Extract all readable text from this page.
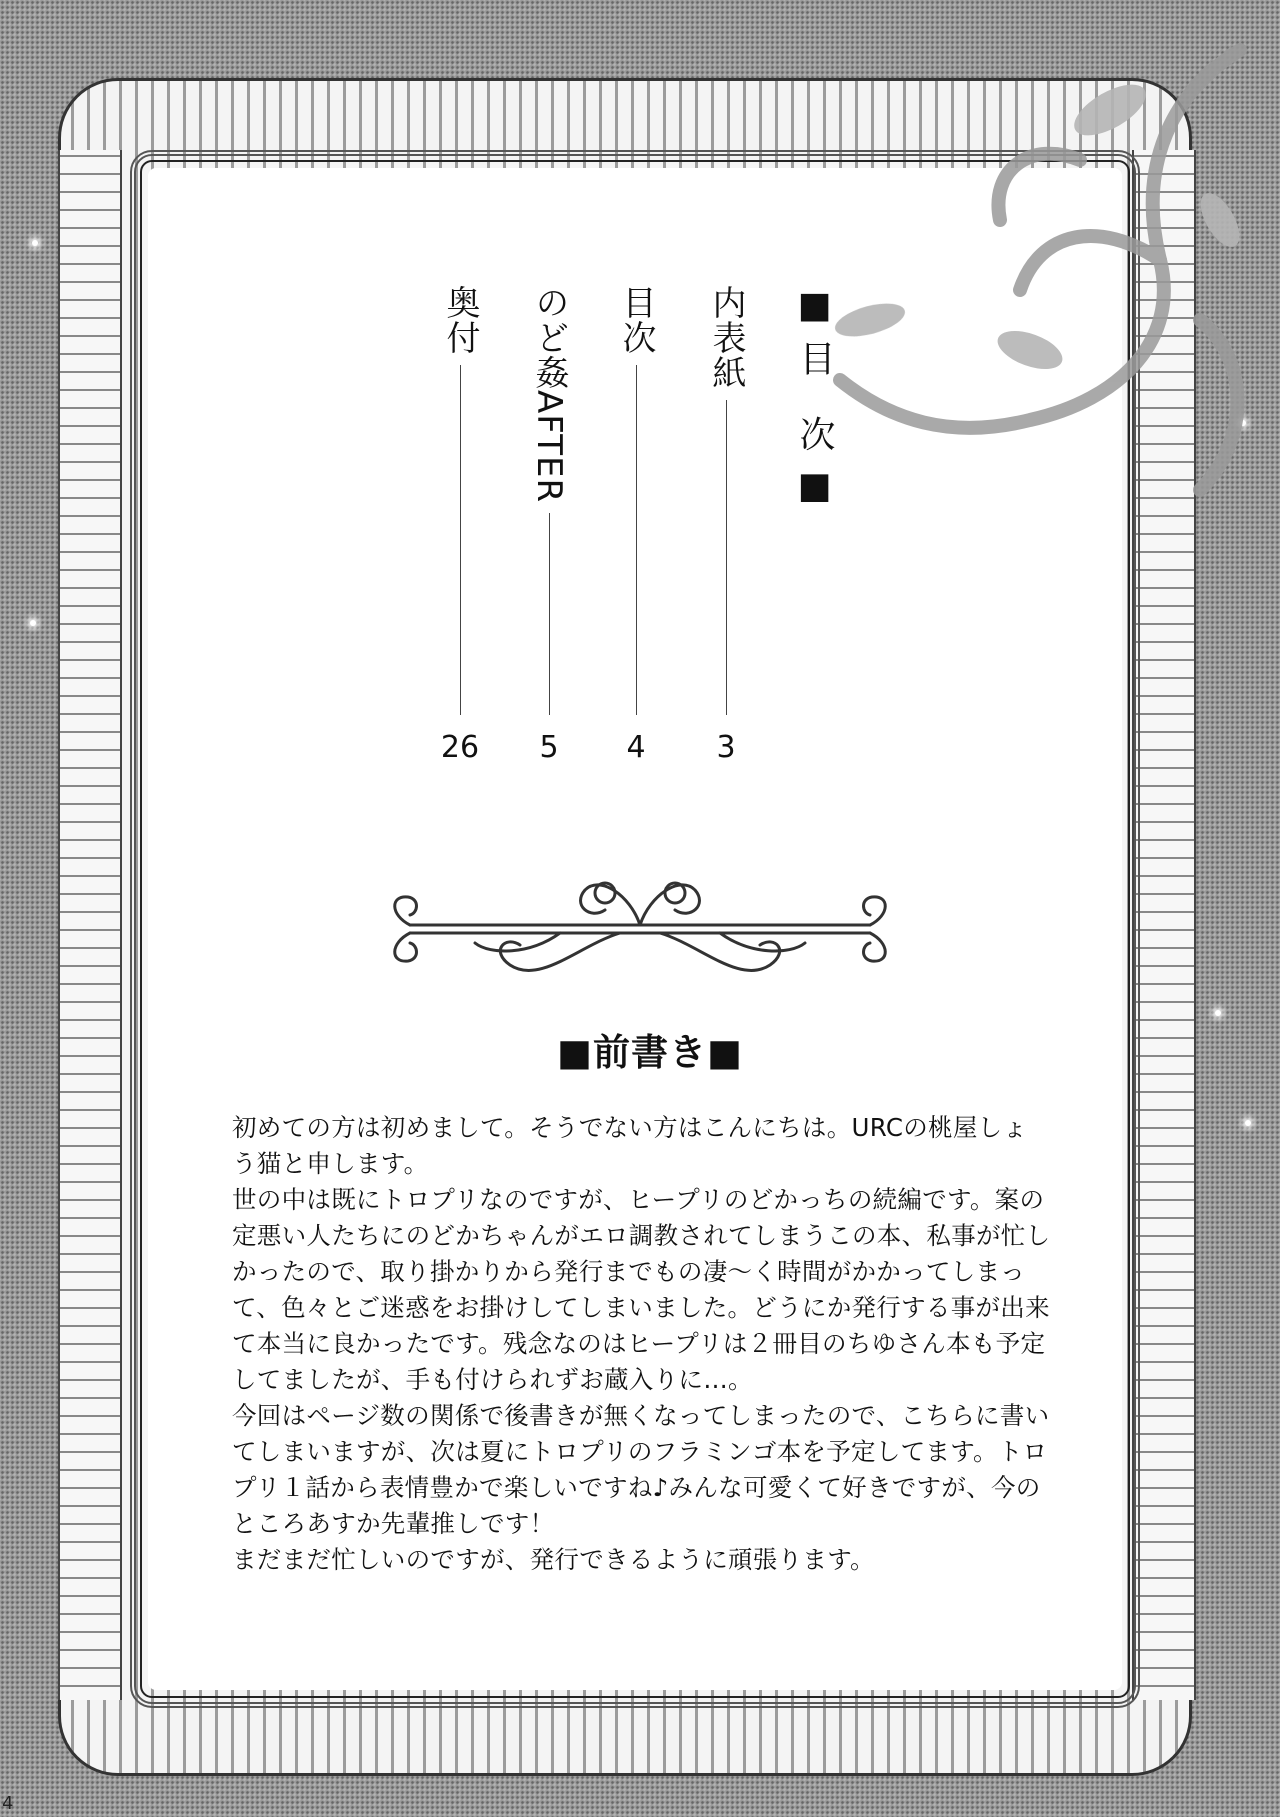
■目 次■
内表紙
3
目次
4
のど姦AFTER
5
奥付
26
■前書き■

初めての方は初めまして。そうでない方はこんにちは。URCの桃屋しょう猫と申します。

世の中は既にトロプリなのですが、ヒープリのどかっちの続編です。案の定悪い人たちにのどかちゃんがエロ調教されてしまうこの本、私事が忙しかったので、取り掛かりから発行までもの凄～く時間がかかってしまって、色々とご迷惑をお掛けしてしまいました。どうにか発行する事が出来て本当に良かったです。残念なのはヒープリは２冊目のちゆさん本も予定してましたが、手も付けられずお蔵入りに…。

今回はページ数の関係で後書きが無くなってしまったので、こちらに書いてしまいますが、次は夏にトロプリのフラミンゴ本を予定してます。トロプリ１話から表情豊かで楽しいですね♪みんな可愛くて好きですが、今のところあすか先輩推しです！

まだまだ忙しいのですが、発行できるように頑張ります。

4
